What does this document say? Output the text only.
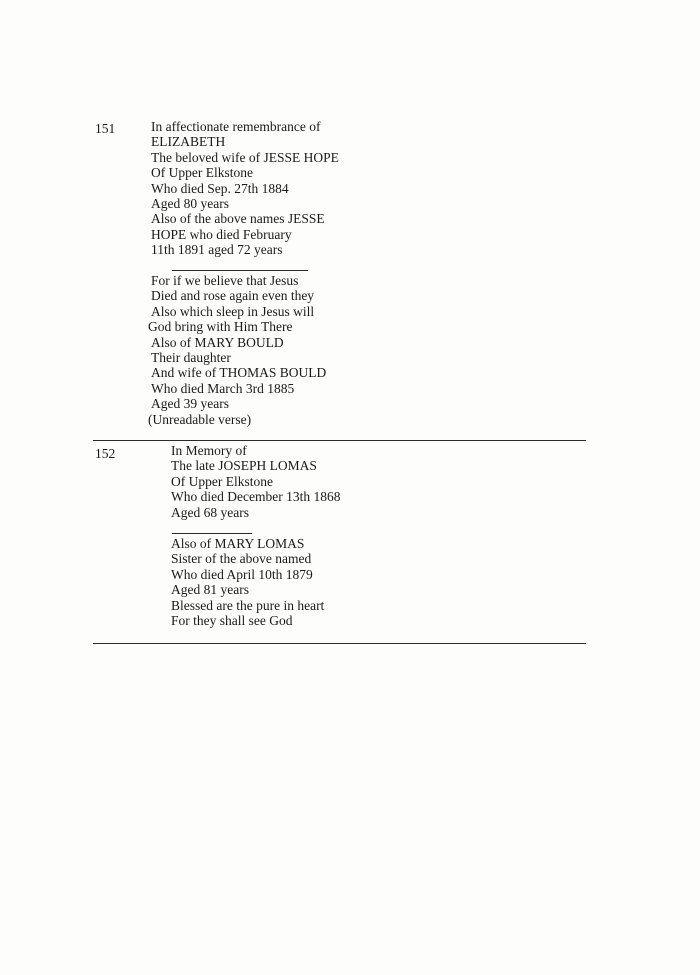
151	In affectionate remembrance of
ELIZABETH
The beloved wife of JESSE HOPE
Of Upper Elkstone
Who died Sep. 27th 1884
Aged 80 years
Also of the above names JESSE
HOPE who died February
11th 1891 aged 72 years
For if we believe that Jesus
Died and rose again even they
Also which sleep in Jesus will
God bring with Him There
Also of MARY BOULD
Their daughter
And wife of THOMAS BOULD
Who died March 3rd 1885
Aged 39 years
(Unreadable verse)
152	In Memory of
The late JOSEPH LOMAS
Of Upper Elkstone
Who died December 13th 1868
Aged 68 years
Also of MARY LOMAS
Sister of the above named
Who died April 10th 1879
Aged 81 years
Blessed are the pure in heart
For they shall see God
